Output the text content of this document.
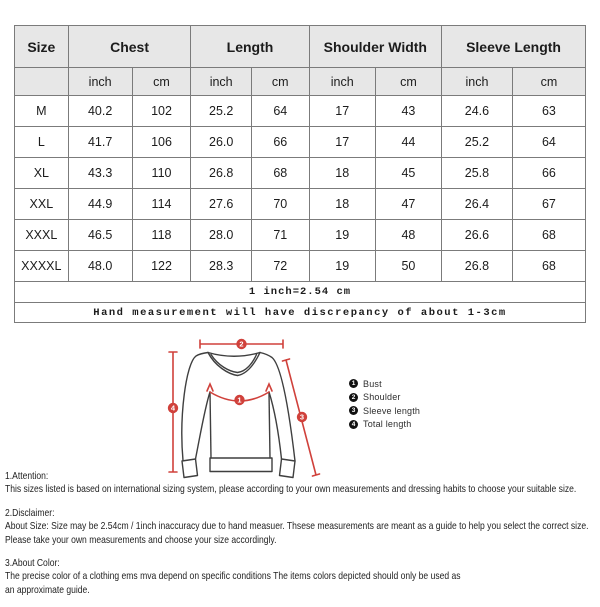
Size	Chest		Length		Shoulder Width		Sleeve Length	
	inch	cm	inch	cm	inch	cm	inch	cm
M	40.2	102	25.2	64	17	43	24.6	63
L	41.7	106	26.0	66	17	44	25.2	64
XL	43.3	110	26.8	68	18	45	25.8	66
XXL	44.9	114	27.6	70	18	47	26.4	67
XXXL	46.5	118	28.0	71	19	48	26.6	68
XXXXL	48.0	122	28.3	72	19	50	26.8	68
1 inch=2.54 cm								
Hand measurement will have discrepancy of about 1-3cm								
2
4
3
1
1 Bust
2 Shoulder
3 Sleeve length
4 Total length
1.Attention:
This sizes listed is based on international sizing system, please according to your own measurements and dressing habits to choose your suitable size.
2.Disclaimer:
About Size: Size may be 2.54cm / 1inch inaccuracy due to hand measuer. Thsese measurements are meant as a guide to help you select the correct size.
Please take your own measurements and choose your size accordingly.
3.About Color:
The precise color of a clothing ems mva depend on specific conditions The items colors depicted should only be used as
an approximate guide.
